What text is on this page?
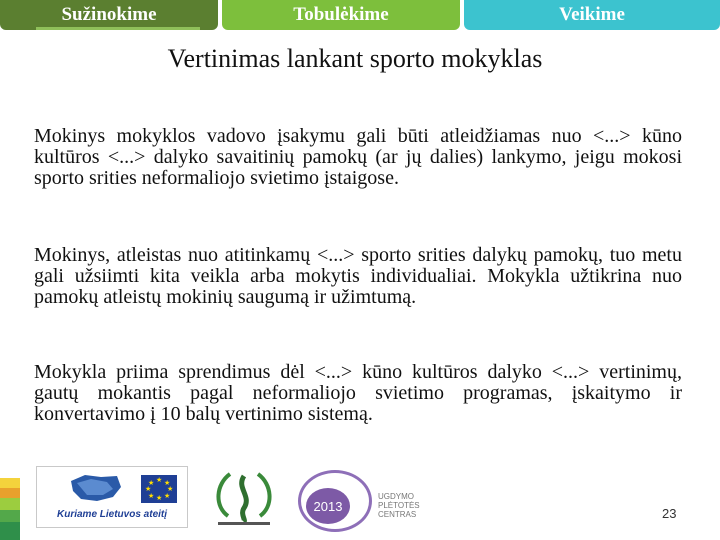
Sužinokime	Tobulėkime	Veikime
Vertinimas lankant sporto mokyklas
Mokinys mokyklos vadovo įsakymu gali būti atleidžiamas nuo <...> kūno kultūros <...> dalyko savaitinių pamokų (ar jų dalies) lankymo, jeigu mokosi sporto srities neformaliojo svietimo įstaigose.
Mokinys, atleistas nuo atitinkamų <...> sporto srities dalykų pamokų, tuo metu gali užsiimti kita veikla arba mokytis individualiai. Mokykla užtikrina nuo pamokų atleistų mokinių saugumą ir užimtumą.
Mokykla priima sprendimus dėl <...> kūno kultūros dalyko <...> vertinimų, gautų mokantis pagal neformaliojo svietimo programas, įskaitymo ir konvertavimo į 10 balų vertinimo sistemą.
★ ★
★
★
★
★
★
★
Kuriame Lietuvos ateitį
2013
UGDYMO PLĖTOTĖS CENTRAS	23
